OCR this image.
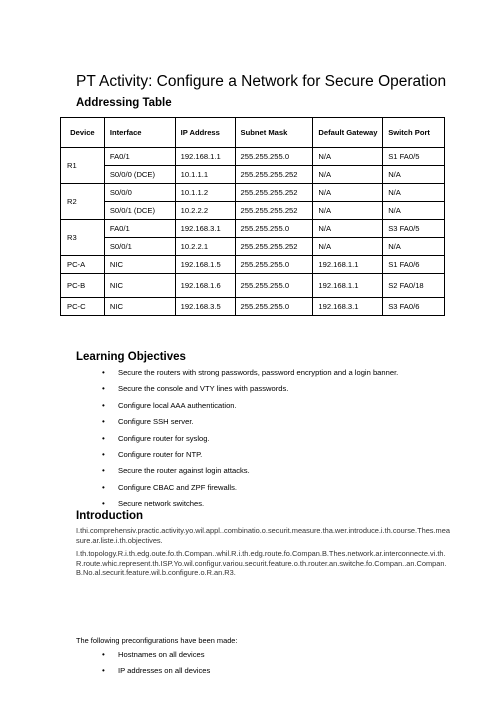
PT Activity: Configure a Network for Secure Operation
Addressing Table
Device	Interface	IP Address	Subnet Mask	Default Gateway	Switch Port
R1	FA0/1	192.168.1.1	255.255.255.0	N/A	S1 FA0/5
	S0/0/0 (DCE)	10.1.1.1	255.255.255.252	N/A	N/A
R2	S0/0/0	10.1.1.2	255.255.255.252	N/A	N/A
	S0/0/1 (DCE)	10.2.2.2	255.255.255.252	N/A	N/A
R3	FA0/1	192.168.3.1	255.255.255.0	N/A	S3 FA0/5
	S0/0/1	10.2.2.1	255.255.255.252	N/A	N/A
PC-A	NIC	192.168.1.5	255.255.255.0	192.168.1.1	S1 FA0/6
PC-B	NIC	192.168.1.6	255.255.255.0	192.168.1.1	S2 FA0/18
PC-C	NIC	192.168.3.5	255.255.255.0	192.168.3.1	S3 FA0/6
Learning Objectives
• Secure the routers with strong passwords, password encryption and a login banner.
• Secure the console and VTY lines with passwords.
• Configure local AAA authentication.
• Configure SSH server.
• Configure router for syslog.
• Configure router for NTP.
• Secure the router against login attacks.
• Configure CBAC and ZPF firewalls.
• Secure network switches.
Introduction

I.thi.comprehensiv.practic.activity.yo.wil.appl..combinatio.o.securit.measure.tha.wer.introduce.i.th.course.Thes.measure.ar.liste.i.th.objectives.

I.th.topology.R.i.th.edg.oute.fo.th.Compan..whil.R.i.th.edg.route.fo.Compan.B.Thes.network.ar.interconnecte.vi.th.R.route.whic.represent.th.ISP.Yo.wil.configur.variou.securit.feature.o.th.router.an.switche.fo.Compan..an.Compan.B.No.al.securit.feature.wil.b.configure.o.R.an.R3.

The following preconfigurations have been made:

• Hostnames on all devices
• IP addresses on all devices
